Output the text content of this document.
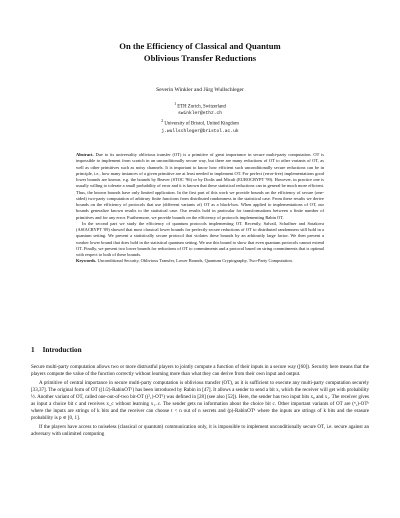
On the Efficiency of Classical and Quantum
Oblivious Transfer Reductions
Severin Winkler and Jürg Wullschleger
$^1$ ETH Zurich, Switzerland
swinkler@ethz.ch
$^2$ University of Bristol, United Kingdom
j.wullschleger@bristol.ac.uk

Abstract. Due to its universality oblivious transfer (OT) is a primitive of great importance in secure multi-party computation. OT is impossible to implement from scratch in an unconditionally secure way, but there are many reductions of OT to other variants of OT, as well as other primitives such as noisy channels. It is important to know how efficient such unconditionally secure reductions can be in principle, i.e., how many instances of a given primitive are at least needed to implement OT. For perfect (error-free) implementations good lower bounds are known, e.g. the bounds by Beaver (STOC '96) or by Dodis and Micali (EUROCRYPT '99). However, in practice one is usually willing to tolerate a small probability of error and it is known that these statistical reductions can in general be much more efficient. Thus, the known bounds have only limited application. In the first part of this work we provide bounds on the efficiency of secure (one-sided) two-party computation of arbitrary finite functions from distributed randomness in the statistical case. From these results we derive bounds on the efficiency of protocols that use (different variants of) OT as a black-box. When applied to implementations of OT, our bounds generalize known results to the statistical case. Our results hold in particular for transformations between a finite number of primitives and for any error. Furthermore, we provide bounds on the efficiency of protocols implementing Rabin OT.

In the second part we study the efficiency of quantum protocols implementing OT. Recently, Salvail, Schaffner and Sotakova (ASIACRYPT '09) showed that most classical lower bounds for perfectly secure reductions of OT to distributed randomness still hold in a quantum setting. We present a statistically secure protocol that violates these bounds by an arbitrarily large factor. We then present a weaker lower bound that does hold in the statistical quantum setting. We use this bound to show that even quantum protocols cannot extend OT. Finally, we present two lower bounds for reductions of OT to commitments and a protocol based on string commitments that is optimal with respect to both of these bounds.

Keywords. Unconditional Security, Oblivious Transfer, Lower Bounds, Quantum Cryptography, Two-Party Computation.

1 Introduction

Secure multi-party computation allows two or more distrustful players to jointly compute a function of their inputs in a secure way ([60]). Security here means that the players compute the value of the function correctly without learning more than what they can derive from their own input and output.

A primitive of central importance in secure multi-party computation is oblivious transfer (OT), as it is sufficient to execute any multi-party computation securely [33,37]. The original form of OT ((1/2)-RabinOT¹) has been introduced by Rabin in [47]. It allows a sender to send a bit x, which the receiver will get with probability ½. Another variant of OT, called one-out-of-two bit-OT ((²₁)-OT¹) was defined in [28] (see also [52]). Here, the sender has two input bits x₀ and x₁. The receiver gives as input a choice bit c and receives x_c without learning x₁₋c. The sender gets no information about the choice bit c. Other important variants of OT are (ⁿ₁)-OTᵏ where the inputs are strings of k bits and the receiver can choose t < n out of n secrets and (p)-RabinOTᵏ where the inputs are strings of k bits and the erasure probability is p ∈ [0, 1].

If the players have access to noiseless (classical or quantum) communication only, it is impossible to implement unconditionally secure OT, i.e. secure against an adversary with unlimited computing
